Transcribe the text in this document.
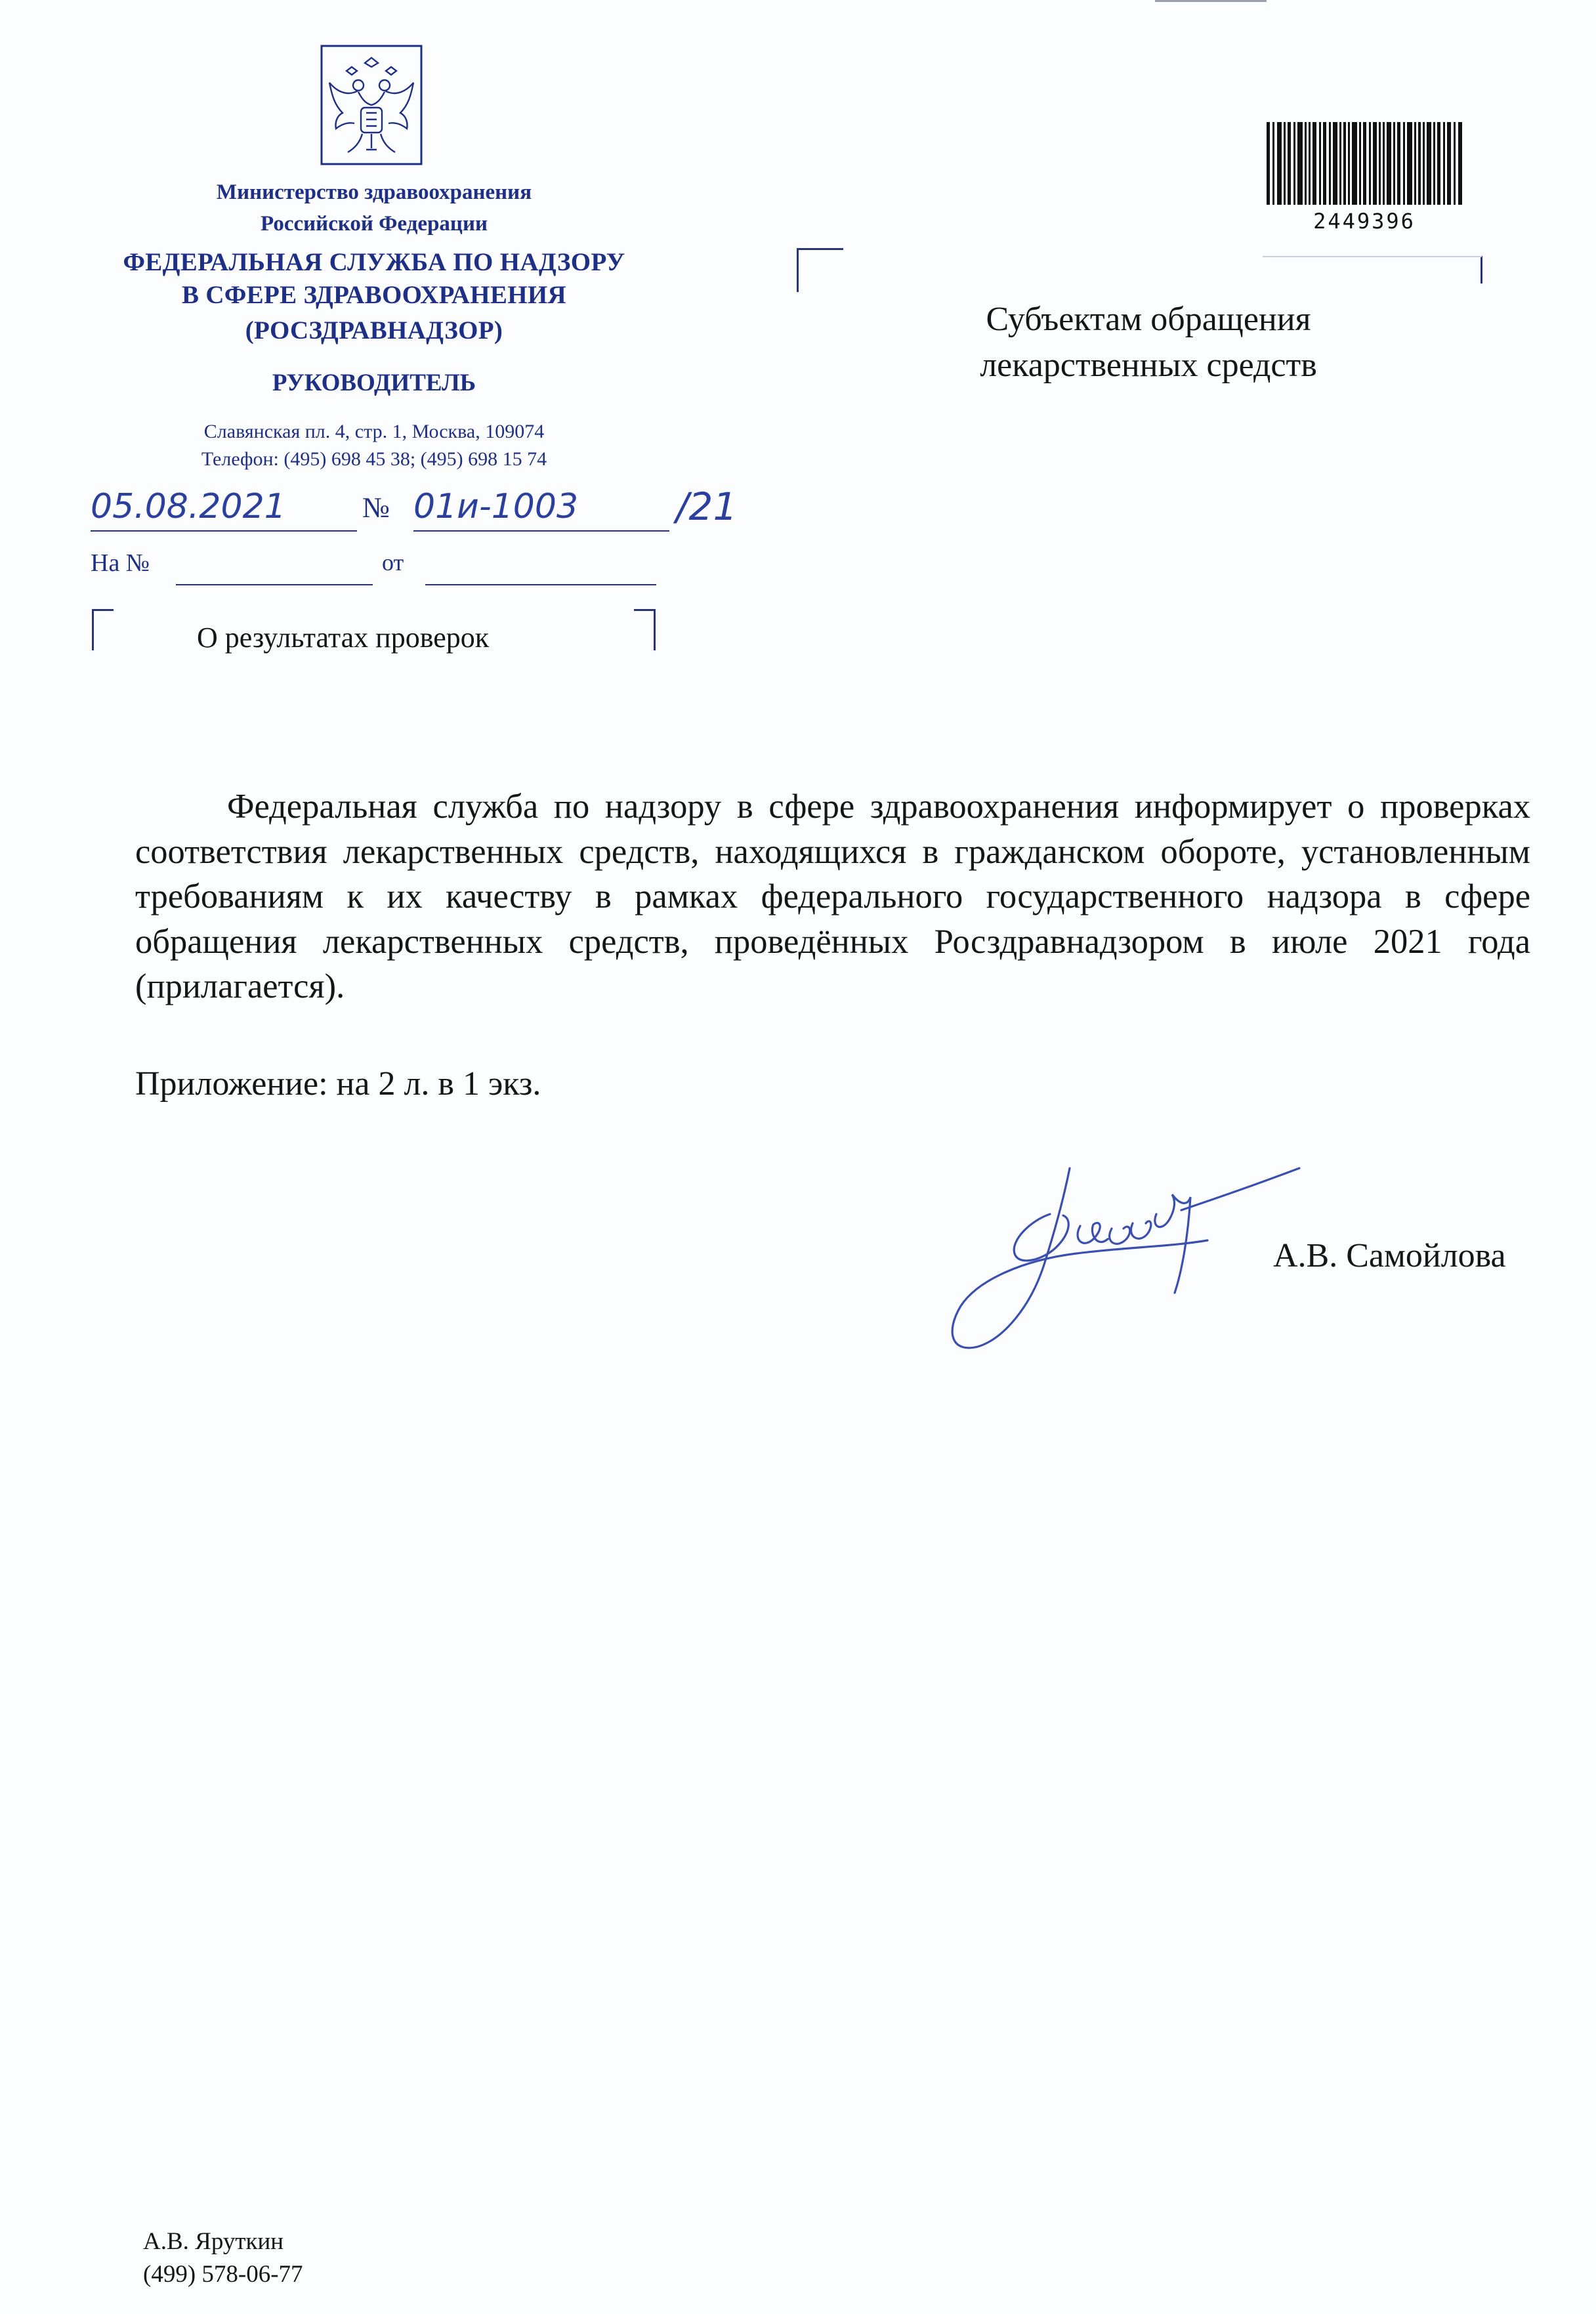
Министерство здравоохранения
Российской Федерации
ФЕДЕРАЛЬНАЯ СЛУЖБА ПО НАДЗОРУ
В СФЕРЕ ЗДРАВООХРАНЕНИЯ
(РОСЗДРАВНАДЗОР)
РУКОВОДИТЕЛЬ
Славянская пл. 4, стр. 1, Москва, 109074
Телефон: (495) 698 45 38; (495) 698 15 74
05.08.2021	№ 01и-1003	/21
На №	от
О результатах проверок
Субъектам обращения
лекарственных средств
2449396
Федеральная служба по надзору в сфере здравоохранения информирует о проверках соответствия лекарственных средств, находящихся в гражданском обороте, установленным требованиям к их качеству в рамках федерального государственного надзора в сфере обращения лекарственных средств, проведённых Росздравнадзором в июле 2021 года (прилагается).
Приложение: на 2 л. в 1 экз.
А.В. Самойлова
А.В. Яруткин
(499) 578-06-77
